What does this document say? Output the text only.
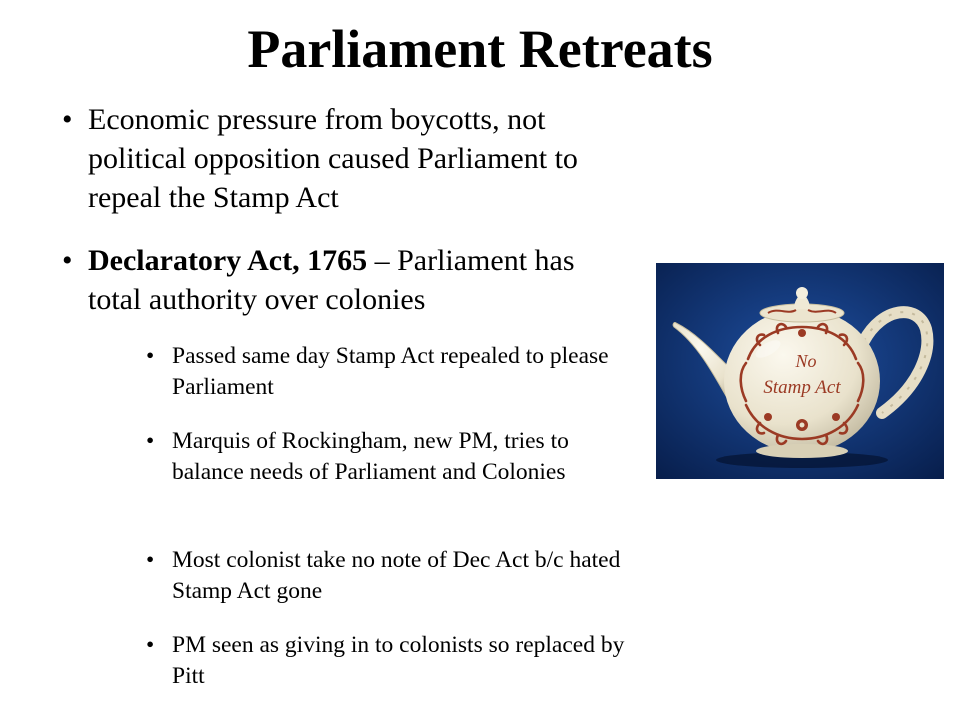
Parliament Retreats
• Economic pressure from boycotts, not political opposition caused Parliament to repeal the Stamp Act
• Declaratory Act, 1765 – Parliament has total authority over colonies
• Passed same day Stamp Act repealed to please Parliament
• Marquis of Rockingham, new PM, tries to balance needs of Parliament and Colonies
• Most colonist take no note of Dec Act b/c hated Stamp Act gone
• PM seen as giving in to colonists so replaced by Pitt
No
Stamp Act
